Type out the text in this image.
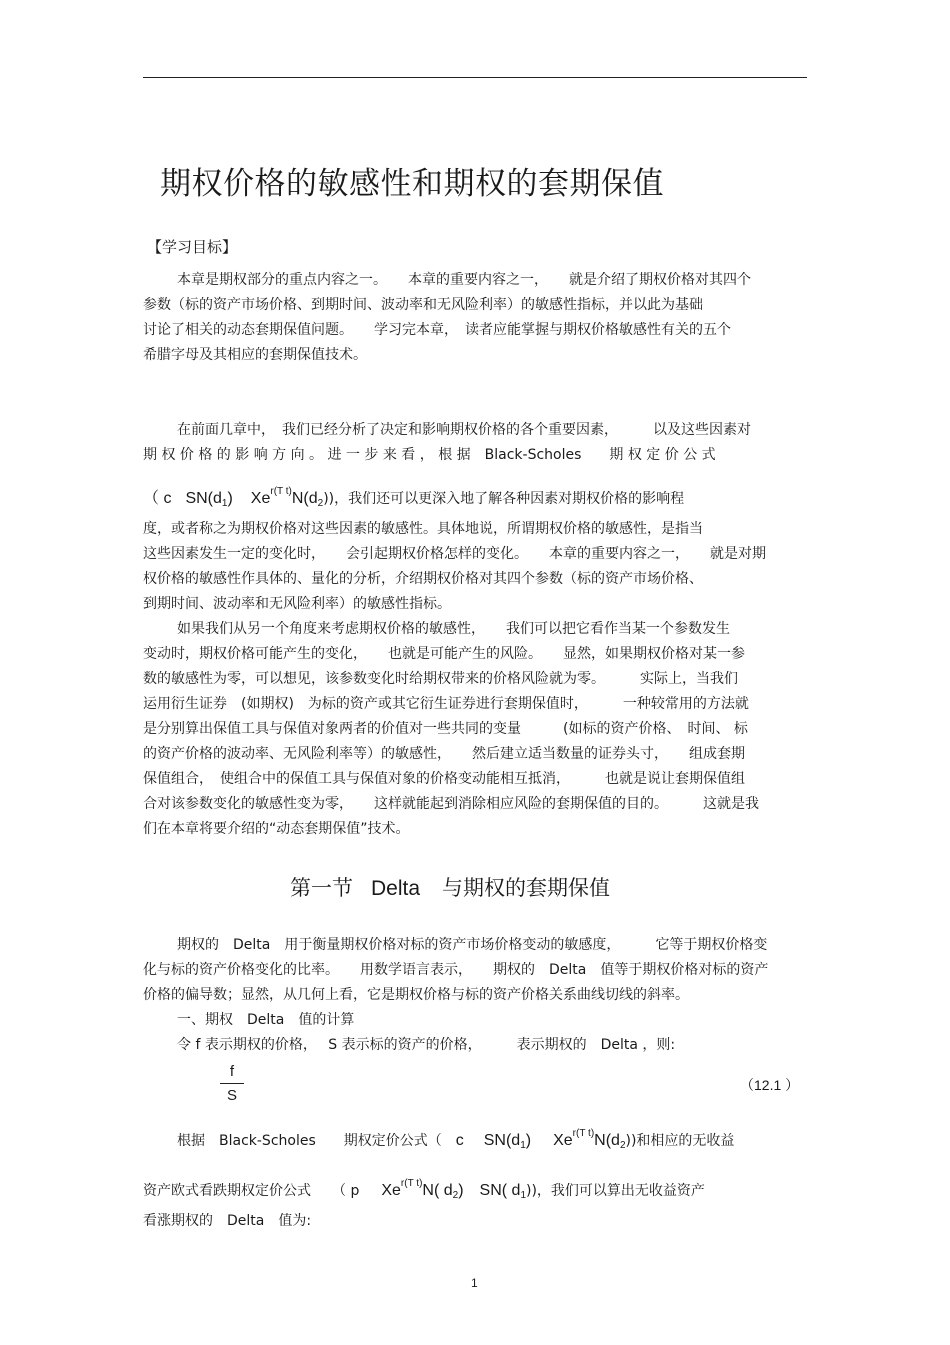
期权价格的敏感性和期权的套期保值
【学习目标】
本章是期权部分的重点内容之一。　　本章的重要内容之一，　　就是介绍了期权价格对其四个
参数（标的资产市场价格、到期时间、波动率和无风险利率）的敏感性指标，并以此为基础
讨论了相关的动态套期保值问题。　　学习完本章，　读者应能掌握与期权价格敏感性有关的五个
希腊字母及其相应的套期保值技术。
在前面几章中，　我们已经分析了决定和影响期权价格的各个重要因素，　　　以及这些因素对
期 权 价 格 的 影 响 方 向 。 进 一 步 来 看 ， 根 据　Black-Scholes　　期 权 定 价 公 式
（ c $SN(d_1)$ $Xe^{r(T t)}N(d_2)$)，我们还可以更深入地了解各种因素对期权价格的影响程
度，或者称之为期权价格对这些因素的敏感性。具体地说，所谓期权价格的敏感性，是指当
这些因素发生一定的变化时，　　会引起期权价格怎样的变化。　　本章的重要内容之一，　　就是对期
权价格的敏感性作具体的、量化的分析，介绍期权价格对其四个参数（标的资产市场价格、
到期时间、波动率和无风险利率）的敏感性指标。
如果我们从另一个角度来考虑期权价格的敏感性，　　我们可以把它看作当某一个参数发生
变动时，期权价格可能产生的变化，　　也就是可能产生的风险。　　显然，如果期权价格对某一参
数的敏感性为零，可以想见，该参数变化时给期权带来的价格风险就为零。　　　实际上，当我们
运用衍生证券　(如期权)　为标的资产或其它衍生证券进行套期保值时，　　　一种较常用的方法就
是分别算出保值工具与保值对象两者的价值对一些共同的变量　　　(如标的资产价格、　时间、 标
的资产价格的波动率、无风险利率等）的敏感性，　　然后建立适当数量的证券头寸，　　组成套期
保值组合，　使组合中的保值工具与保值对象的价格变动能相互抵消，　　　也就是说让套期保值组
合对该参数变化的敏感性变为零，　　这样就能起到消除相应风险的套期保值的目的。　　　这就是我
们在本章将要介绍的“动态套期保值”技术。
第一节 Delta 与期权的套期保值
期权的　Delta　用于衡量期权价格对标的资产市场价格变动的敏感度，　　　它等于期权价格变
化与标的资产价格变化的比率。　　用数学语言表示，　　期权的　Delta　值等于期权价格对标的资产
价格的偏导数；显然，从几何上看，它是期权价格与标的资产价格关系曲线切线的斜率。
一、期权　Delta　值的计算
令 f 表示期权的价格，　 S 表示标的资产的价格，　　　表示期权的　Delta ，则:
f
S
（12.1 ）
根据　Black-Scholes　　期权定价公式（ c $SN(d_1)$ $Xe^{r(T t)}N(d_2)$)和相应的无收益
资产欧式看跌期权定价公式　　（ p $Xe^{r(T t)}N$( $d_2$)　SN( $d_1$))，我们可以算出无收益资产
看涨期权的　Delta　值为:
1
